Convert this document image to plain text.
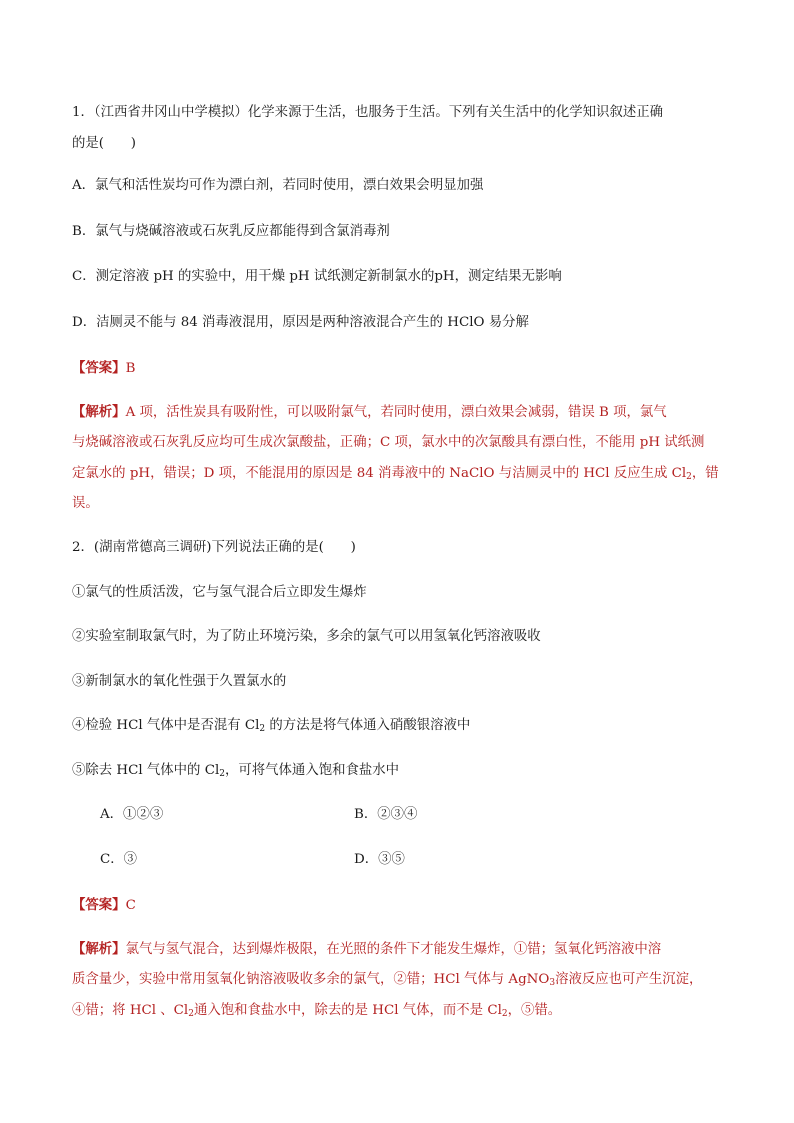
1．（江西省井冈山中学模拟）化学来源于生活，也服务于生活。下列有关生活中的化学知识叙述正确
的是(　　)
A．氯气和活性炭均可作为漂白剂，若同时使用，漂白效果会明显加强
B．氯气与烧碱溶液或石灰乳反应都能得到含氯消毒剂
C．测定溶液 pH 的实验中，用干燥 pH 试纸测定新制氯水的pH，测定结果无影响
D．洁厕灵不能与 84 消毒液混用，原因是两种溶液混合产生的 HClO 易分解
【答案】B
【解析】A 项，活性炭具有吸附性，可以吸附氯气，若同时使用，漂白效果会减弱，错误 B 项，氯气
与烧碱溶液或石灰乳反应均可生成次氯酸盐，正确；C 项，氯水中的次氯酸具有漂白性，不能用 pH 试纸测
定氯水的 pH，错误；D 项，不能混用的原因是 84 消毒液中的 NaClO 与洁厕灵中的 HCl 反应生成 $Cl_2$，错
误。
2．(湖南常德高三调研)下列说法正确的是(　　)
①氯气的性质活泼，它与氢气混合后立即发生爆炸
②实验室制取氯气时，为了防止环境污染，多余的氯气可以用氢氧化钙溶液吸收
③新制氯水的氧化性强于久置氯水的
④检验 HCl 气体中是否混有 $Cl_2$ 的方法是将气体通入硝酸银溶液中
⑤除去 HCl 气体中的 $Cl_2$，可将气体通入饱和食盐水中
A．①②③	B．②③④
C．③	D．③⑤
【答案】C
【解析】氯气与氢气混合，达到爆炸极限，在光照的条件下才能发生爆炸，①错；氢氧化钙溶液中溶
质含量少，实验中常用氢氧化钠溶液吸收多余的氯气，②错；HCl 气体与 AgNO$_3$溶液反应也可产生沉淀，
④错；将 HCl 、$Cl_2$通入饱和食盐水中，除去的是 HCl 气体，而不是 $Cl_2$，⑤错。
